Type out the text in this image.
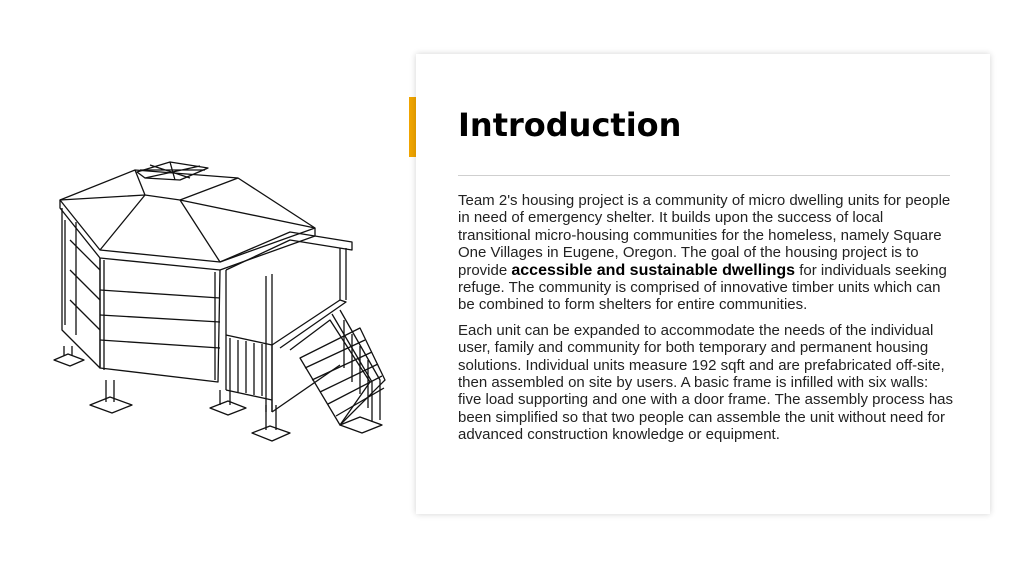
Introduction

Team 2's housing project is a community of micro dwelling units for people in need of emergency shelter. It builds upon the success of local transitional micro-housing communities for the homeless, namely Square One Villages in Eugene, Oregon. The goal of the housing project is to provide accessible and sustainable dwellings for individuals seeking refuge. The community is comprised of innovative timber units which can be combined to form shelters for entire communities.

Each unit can be expanded to accommodate the needs of the individual user, family and community for both temporary and permanent housing solutions. Individual units measure 192 sqft and are prefabricated off-site, then assembled on site by users. A basic frame is infilled with six walls: five load supporting and one with a door frame. The assembly process has been simplified so that two people can assemble the unit without need for advanced construction knowledge or equipment.
